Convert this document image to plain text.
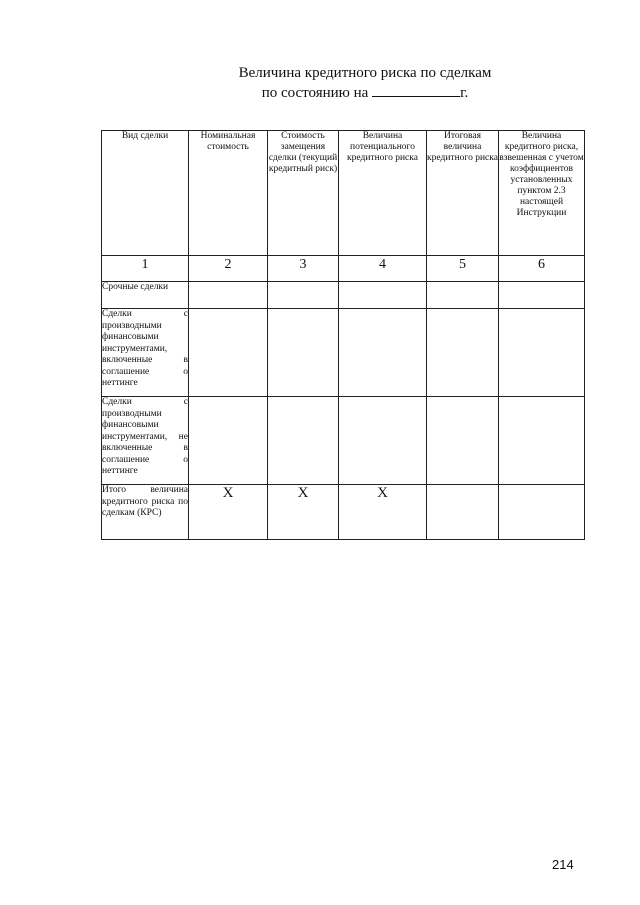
Величина кредитного риска по сделкам
по состоянию на	г.
Вид сделки	Номинальная стоимость	Стоимость замещения сделки (текущий кредитный риск)	Величина потенциального кредитного риска	Итоговая величина кредитного риска	Величина кредитного риска, взвешенная с учетом коэффициентов установленных пунктом 2.3 настоящей Инструкции
1	2	3	4	5	6
Срочные сделки					
Сделки с производными финансовыми инструментами, включенные в соглашение о неттинге					
Сделки с производными финансовыми инструментами, не включенные в соглашение о неттинге					
Итого величина кредитного риска по сделкам (КРС)	X	X	X		
214
